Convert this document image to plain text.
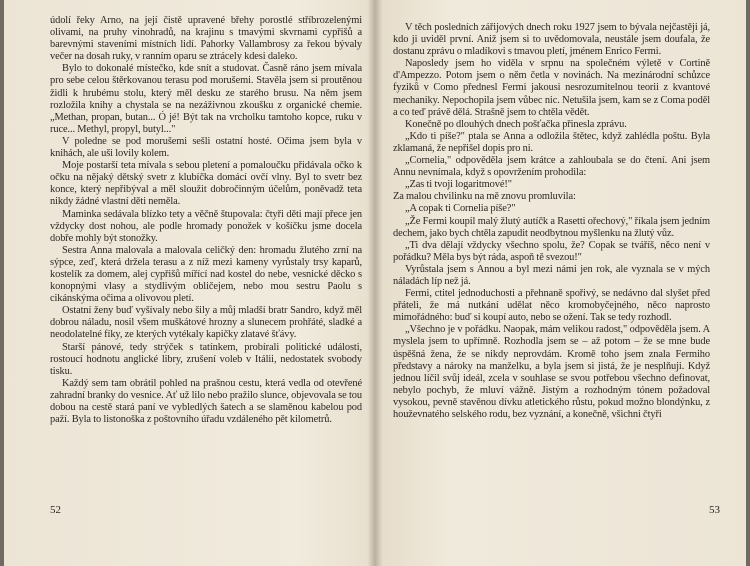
údolí řeky Arno, na její čistě upravené břehy porostlé stříbrozelenými olivami, na pruhy vinohradů, na krajinu s tmavými skvrnami cypřišů a barevnými staveními místních lidí. Pahorky Vallambrosy za řekou bývaly večer na dosah ruky, v ranním oparu se ztrácely kdesi daleko.

Bylo to dokonalé místečko, kde snít a studovat. Časně ráno jsem mívala pro sebe celou štěrkovanou terasu pod morušemi. Stavěla jsem si proutěnou židli k hrubému stolu, který měl desku ze starého brusu. Na něm jsem rozložila knihy a chystala se na nezáživnou zkoušku z organické chemie. „Methan, propan, butan... Ó jé! Být tak na vrcholku tamtoho kopce, ruku v ruce... Methyl, propyl, butyl..."

V poledne se pod morušemi sešli ostatní hosté. Očima jsem byla v knihách, ale uši lovily kolem.

Moje postarší teta mívala s sebou pletení a pomaloučku přidávala očko k očku na nějaký dětský svetr z klubíčka domácí ovčí vlny. Byl to svetr bez konce, který nepřibýval a měl sloužit dobročinným účelům, poněvadž teta nikdy žádné vlastní děti neměla.

Maminka sedávala blízko tety a věčně štupovala: čtyři děti mají přece jen vždycky dost nohou, ale podle hromady ponožek v košíčku jsme docela dobře mohly být stonožky.

Sestra Anna malovala a malovala celičký den: hromadu žlutého zrní na sýpce, zeď, která držela terasu a z níž mezi kameny vyrůstaly trsy kaparů, kostelík za domem, alej cypřišů mířící nad kostel do nebe, vesnické děcko s konopnými vlasy a stydlivým obličejem, nebo mou sestru Paolu s cikánskýma očima a olivovou pletí.

Ostatní ženy buď vyšívaly nebo šily a můj mladší bratr Sandro, když měl dobrou náladu, nosil všem muškátové hrozny a slunecem prohřáté, sladké a neodolatelné fíky, ze kterých vytékaly kapičky zlatavé šťávy.

Starší pánové, tedy strýček s tatínkem, probírali politické události, rostoucí hodnotu anglické libry, zrušení voleb v Itálii, nedostatek svobody tisku.

Každý sem tam obrátil pohled na prašnou cestu, která vedla od otevřené zahradní branky do vesnice. Ať už lilo nebo pražilo slunce, objevovala se tou dobou na cestě stará paní ve vybledlých šatech a se slaměnou kabelou pod paží. Byla to listonoška z poštovního úřadu vzdáleného pět kilometrů.

52

V těch posledních zářijových dnech roku 1927 jsem to bývala nejčastěji já, kdo ji uviděl první. Aniž jsem si to uvědomovala, neustále jsem doufala, že dostanu zprávu o mladíkovi s tmavou pletí, jménem Enrico Fermi.

Naposledy jsem ho viděla v srpnu na společném výletě v Cortině d'Ampezzo. Potom jsem o něm četla v novinách. Na mezinárodní schůzce fyziků v Como přednesl Fermi jakousi nesrozumitelnou teorii z kvantové mechaniky. Nepochopila jsem vůbec nic. Netušila jsem, kam se z Coma poděl a co teď právě dělá. Strašně jsem to chtěla vědět.

Konečně po dlouhých dnech pošťačka přinesla zprávu.

„Kdo ti píše?" ptala se Anna a odložila štětec, když zahlédla poštu. Byla zklamaná, že nepřišel dopis pro ni.

„Cornelia," odpověděla jsem krátce a zahloubala se do čtení. Ani jsem Annu nevnímala, když s opovržením prohodila:

„Zas ti tvoji logaritmové!"

Za malou chvilinku na mě znovu promluvila:

„A copak ti Cornelia píše?"

„Že Fermi koupil malý žlutý autíčk a Rasetti ořechový," říkala jsem jedním dechem, jako bych chtěla zapudit neodbytnou myšlenku na žlutý vůz.

„Ti dva dělají vždycky všechno spolu, že? Copak se tváříš, něco není v pořádku? Měla bys být ráda, aspoň tě svezou!"

Vyrůstala jsem s Annou a byl mezi námi jen rok, ale vyznala se v mých náladách líp než já.

Fermi, ctitel jednoduchosti a přehnaně spořivý, se nedávno dal slyšet před přáteli, že má nutkání udělat něco kromobyčejného, něco naprosto mimořádného: buď si koupí auto, nebo se ožení. Tak se tedy rozhodl.

„Všechno je v pořádku. Naopak, mám velikou radost," odpověděla jsem. A myslela jsem to upřímně. Rozhodla jsem se – až potom – že se mne bude úspěšná žena, že se nikdy neprovdám. Kromě toho jsem znala Fermiho představy a nároky na manželku, a byla jsem si jistá, že je nesplňuji. Když jednou líčil svůj ideál, zcela v souhlase se svou potřebou všechno definovat, nebylo pochyb, že mluví vážně. Jistým a rozhodným tónem požadoval vysokou, pevně stavěnou dívku atletického růstu, pokud možno blondýnku, z houževnatého selského rodu, bez vyznání, a konečně, všichni čtyři

53
